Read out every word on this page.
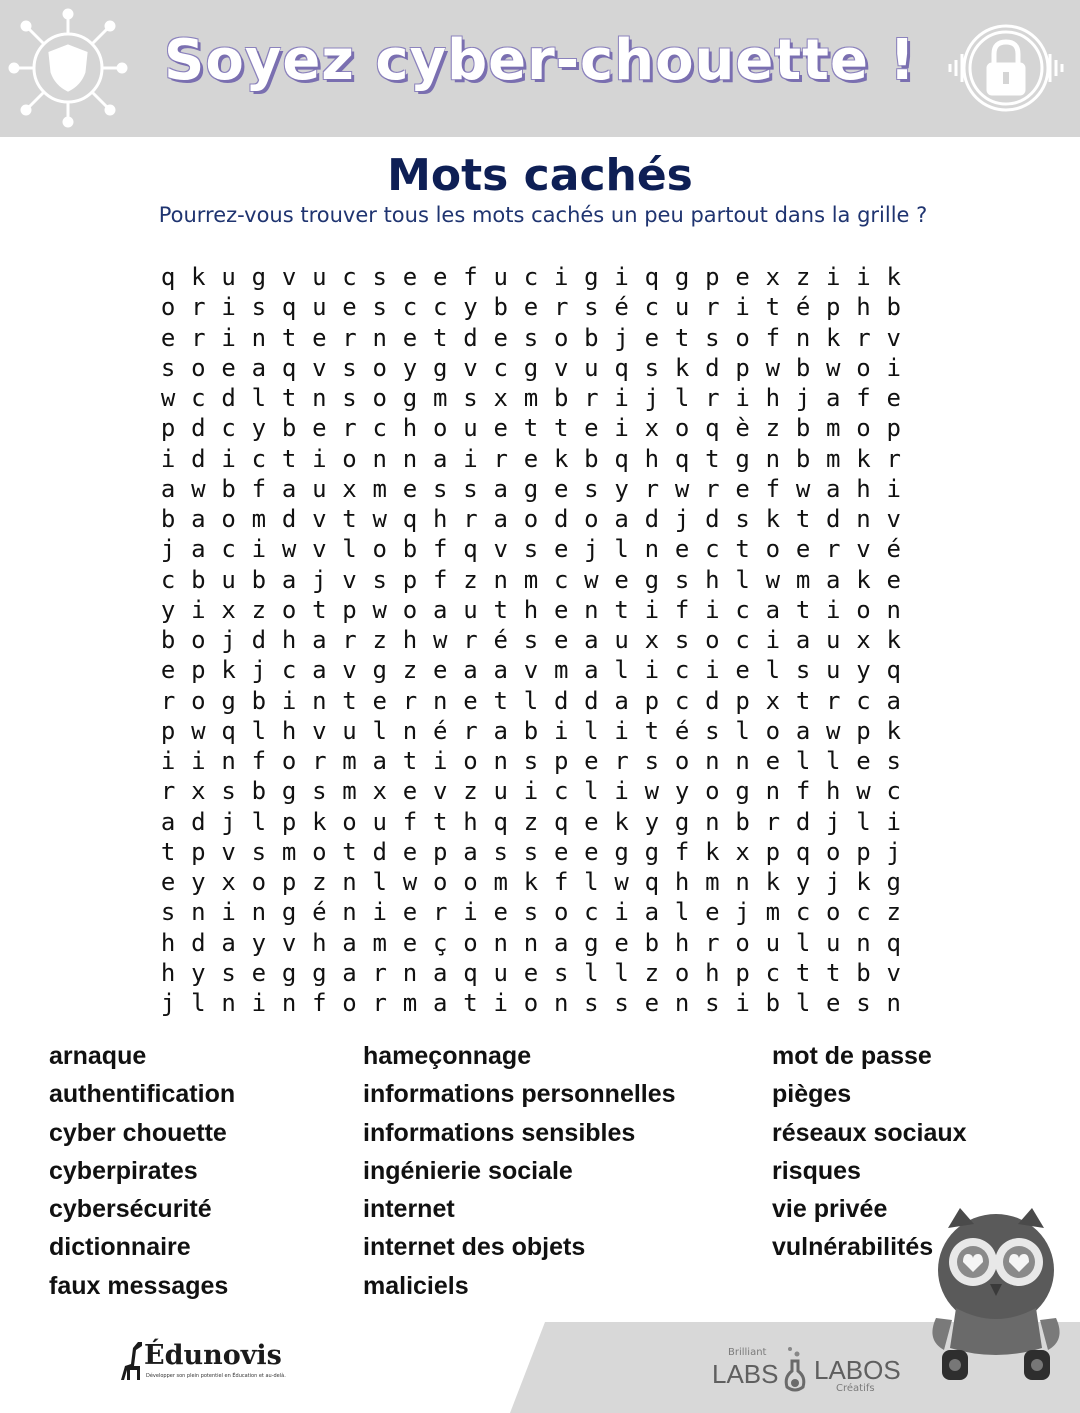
Soyez cyber-chouette !
Mots cachés
Pourrez-vous trouver tous les mots cachés un peu partout dans la grille ?
q k u g v u c s e e f u c i g i q g p e x z i i k
o r i s q u e s c c y b e r s é c u r i t é p h b
e r i n t e r n e t d e s o b j e t s o f n k r v
s o e a q v s o y g v c g v u q s k d p w b w o i
w c d l t n s o g m s x m b r i j l r i h j a f e
p d c y b e r c h o u e t t e i x o q è z b m o p
i d i c t i o n n a i r e k b q h q t g n b m k r
a w b f a u x m e s s a g e s y r w r e f w a h i
b a o m d v t w q h r a o d o a d j d s k t d n v
j a c i w v l o b f q v s e j l n e c t o e r v é
c b u b a j v s p f z n m c w e g s h l w m a k e
y i x z o t p w o a u t h e n t i f i c a t i o n
b o j d h a r z h w r é s e a u x s o c i a u x k
e p k j c a v g z e a a v m a l i c i e l s u y q
r o g b i n t e r n e t l d d a p c d p x t r c a
p w q l h v u l n é r a b i l i t é s l o a w p k
i i n f o r m a t i o n s p e r s o n n e l l e s
r x s b g s m x e v z u i c l i w y o g n f h w c
a d j l p k o u f t h q z q e k y g n b r d j l i
t p v s m o t d e p a s s e e g g f k x p q o p j
e y x o p z n l w o o m k f l w q h m n k y j k g
s n i n g é n i e r i e s o c i a l e j m c o c z
h d a y v h a m e ç o n n a g e b h r o u l u n q
h y s e g g a r n a q u e s l l z o h p c t t b v
j l n i n f o r m a t i o n s s e n s i b l e s n
arnaque
authentification
cyber chouette
cyberpirates
cybersécurité
dictionnaire
faux messages
hameçonnage
informations personnelles
informations sensibles
ingénierie sociale
internet
internet des objets
maliciels
mot de passe
pièges
réseaux sociaux
risques
vie privée
vulnérabilités
Édunovis
Développer son plein potentiel en Éducation et au-delà.
Brilliant
LABS LABOS
Créatifs
